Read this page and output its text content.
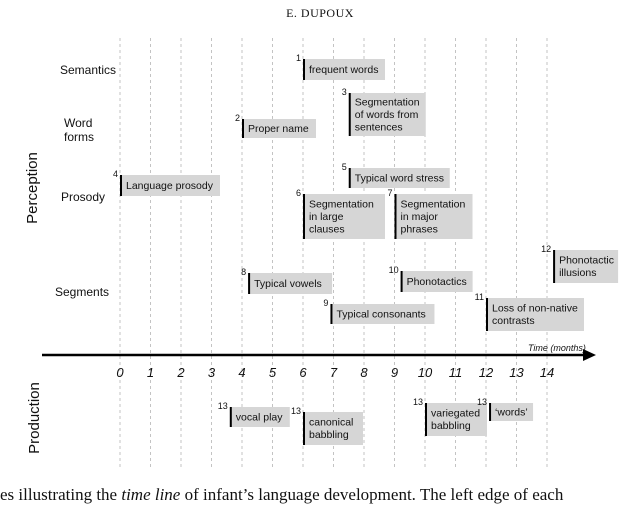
Perception
Production
Semantics
Word forms
Prosody
Segments
Time (months)
0 1 2 3 4 5 6 7 8 9 10 11 12 13 14
1
frequent words
3
Segmentation
of words from
sentences
2
Proper name
5
Typical word stress
4
Language prosody
6
Segmentation
in large
clauses
7
Segmentation
in major
phrases
12
Phonotactic
illusions
8
Typical vowels
10
Phonotactics
9
Typical consonants
11
Loss of non-native
contrasts
13
vocal play
13
canonical
babbling
13
variegated
babbling
13
‘words’
E. DUPOUX
es illustrating the time line of infant’s language development. The left edge of each
